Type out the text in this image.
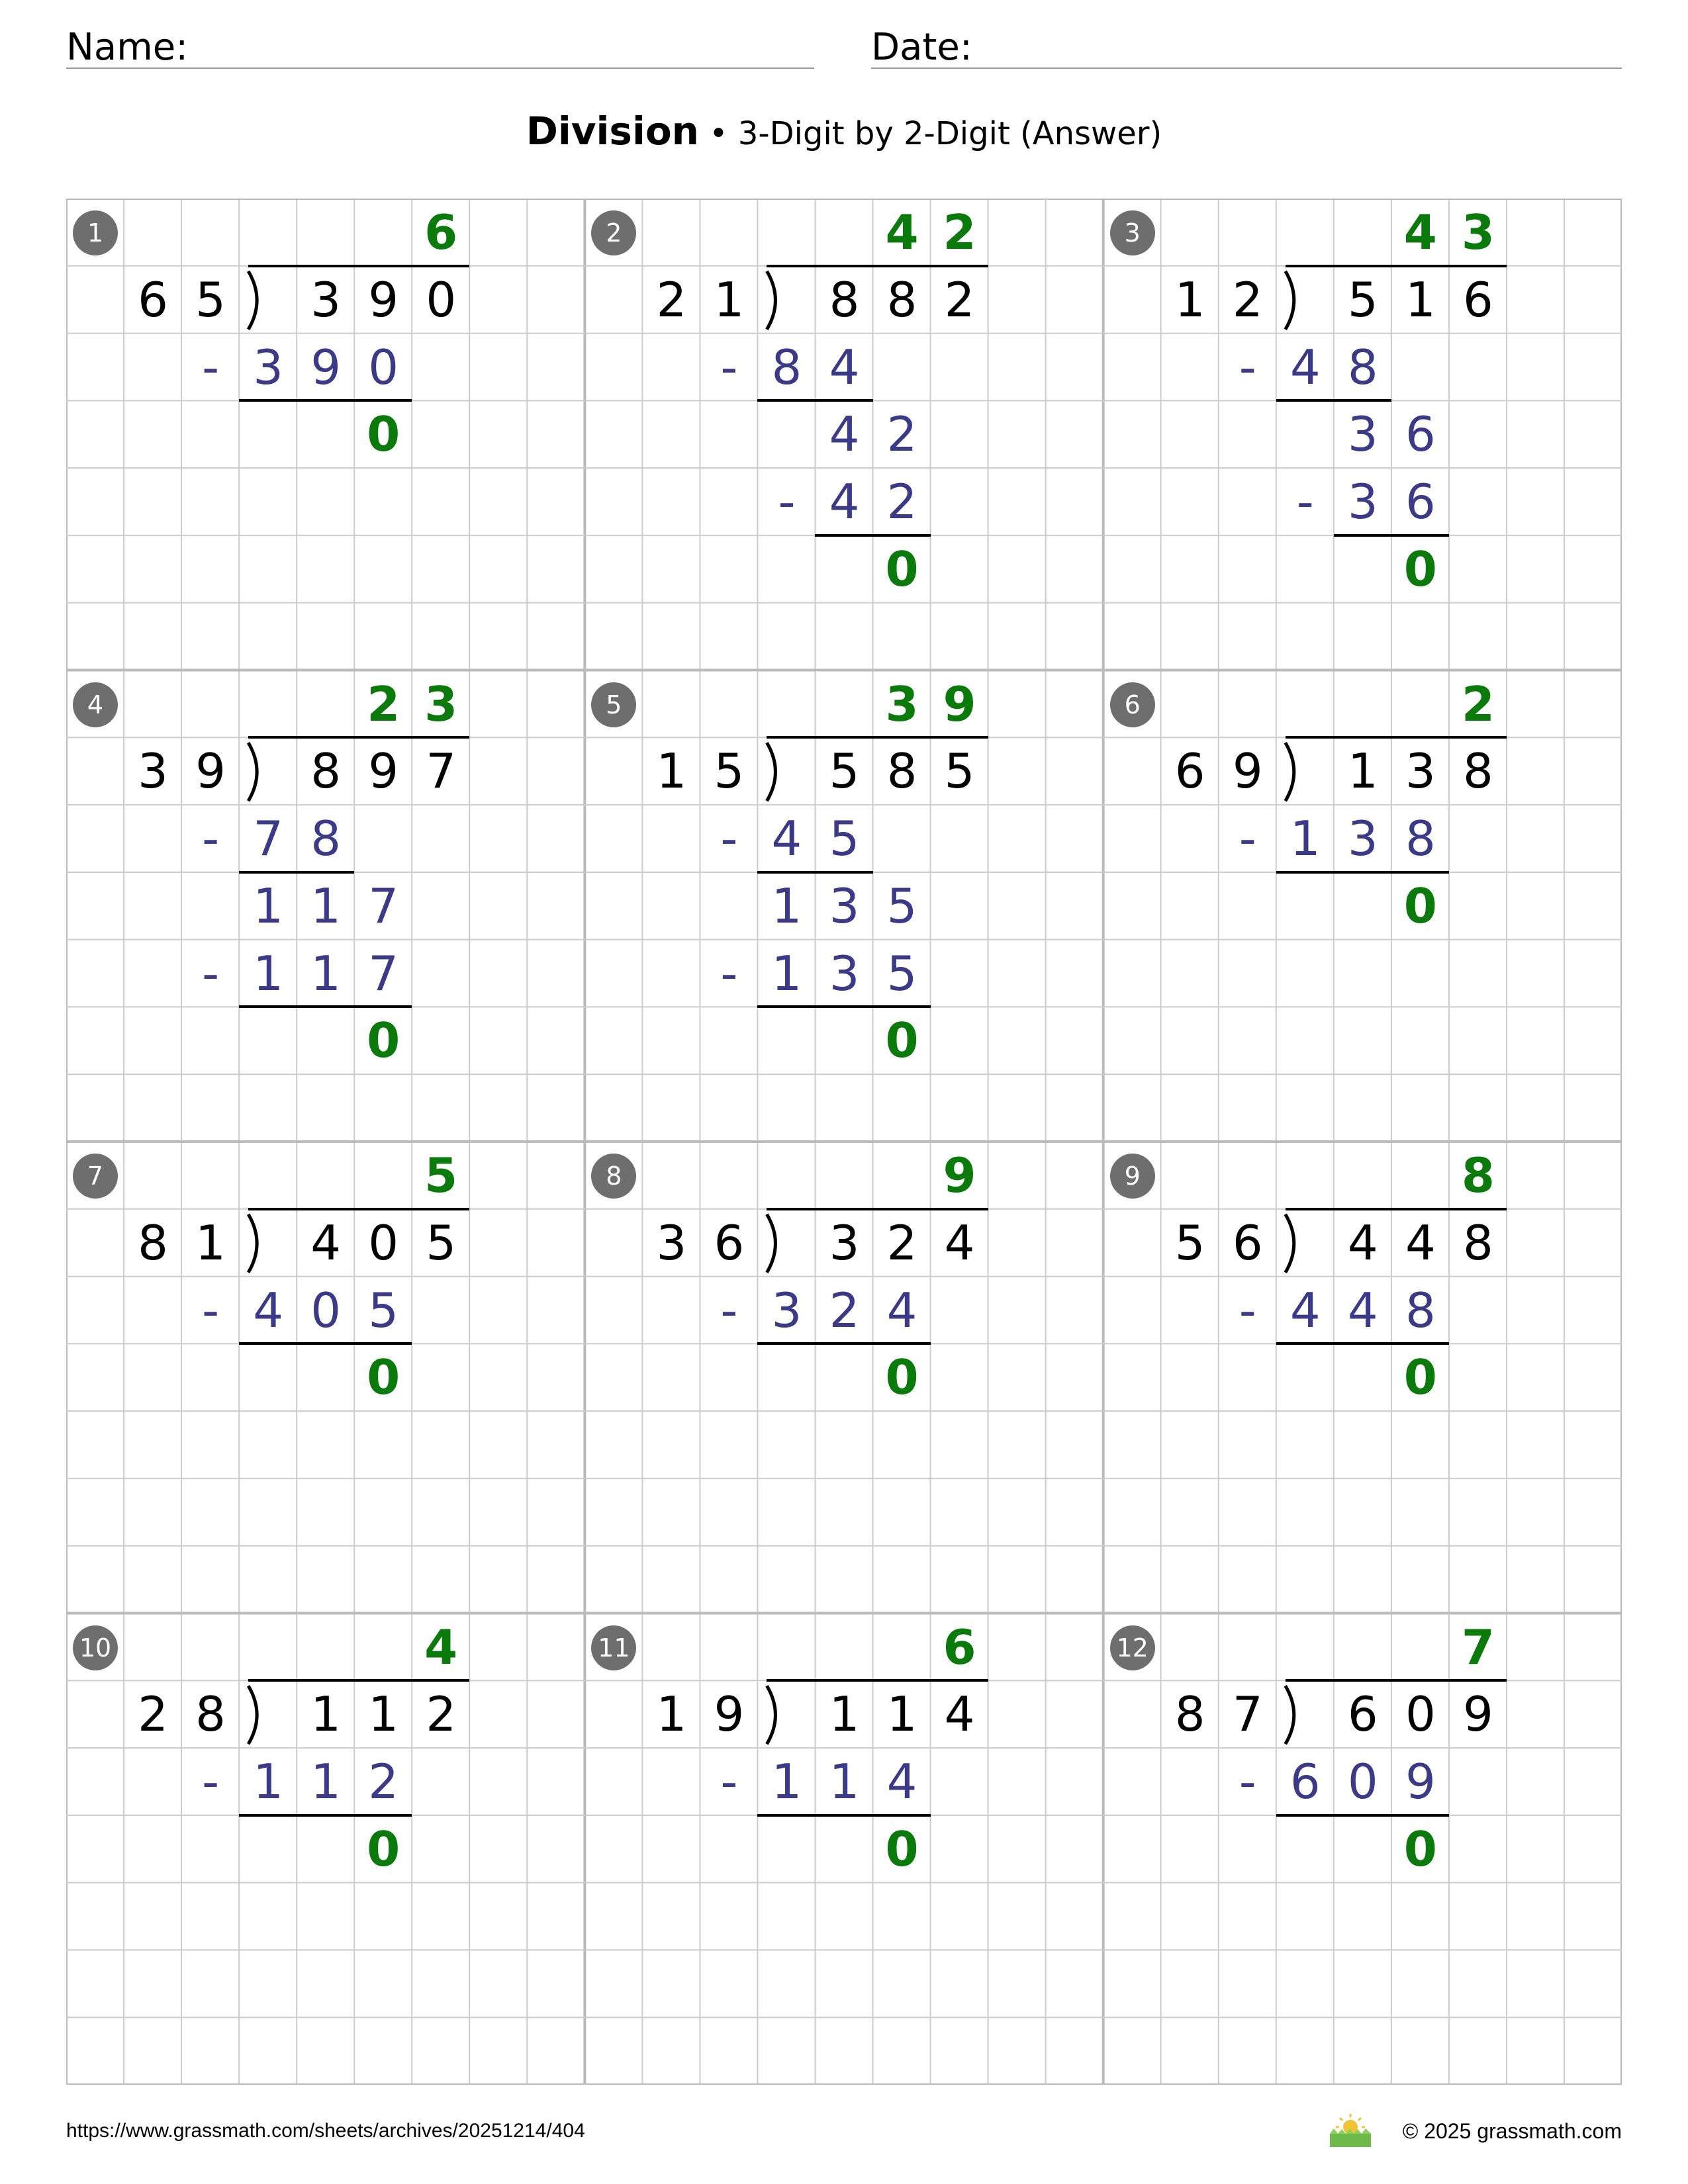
Name:	Date:
Division • 3-Digit by 2-Digit (Answer)
1	6
6 5 3 9 0
- 3 9 0
0
2	4 2
2 1 8 8 2
- 8 4
4 2
- 4 2
0
3	4 3
1 2 5 1 6
- 4 8
3 6
- 3 6
0
4	2 3
3 9 8 9 7
- 7 8
1 1 7
- 1 1 7
0
5	3 9
1 5 5 8 5
- 4 5
1 3 5
- 1 3 5
0
6	2
6 9 1 3 8
- 1 3 8
0
7	5
8 1 4 0 5
- 4 0 5
0
8	9
3 6 3 2 4
- 3 2 4
0
9	8
5 6 4 4 8
- 4 4 8
0
10	4
2 8 1 1 2
- 1 1 2
0
11	6
1 9 1 1 4
- 1 1 4
0
12	7
8 7 6 0 9
- 6 0 9
0
https://www.grassmath.com/sheets/archives/20251214/404	© 2025 grassmath.com
